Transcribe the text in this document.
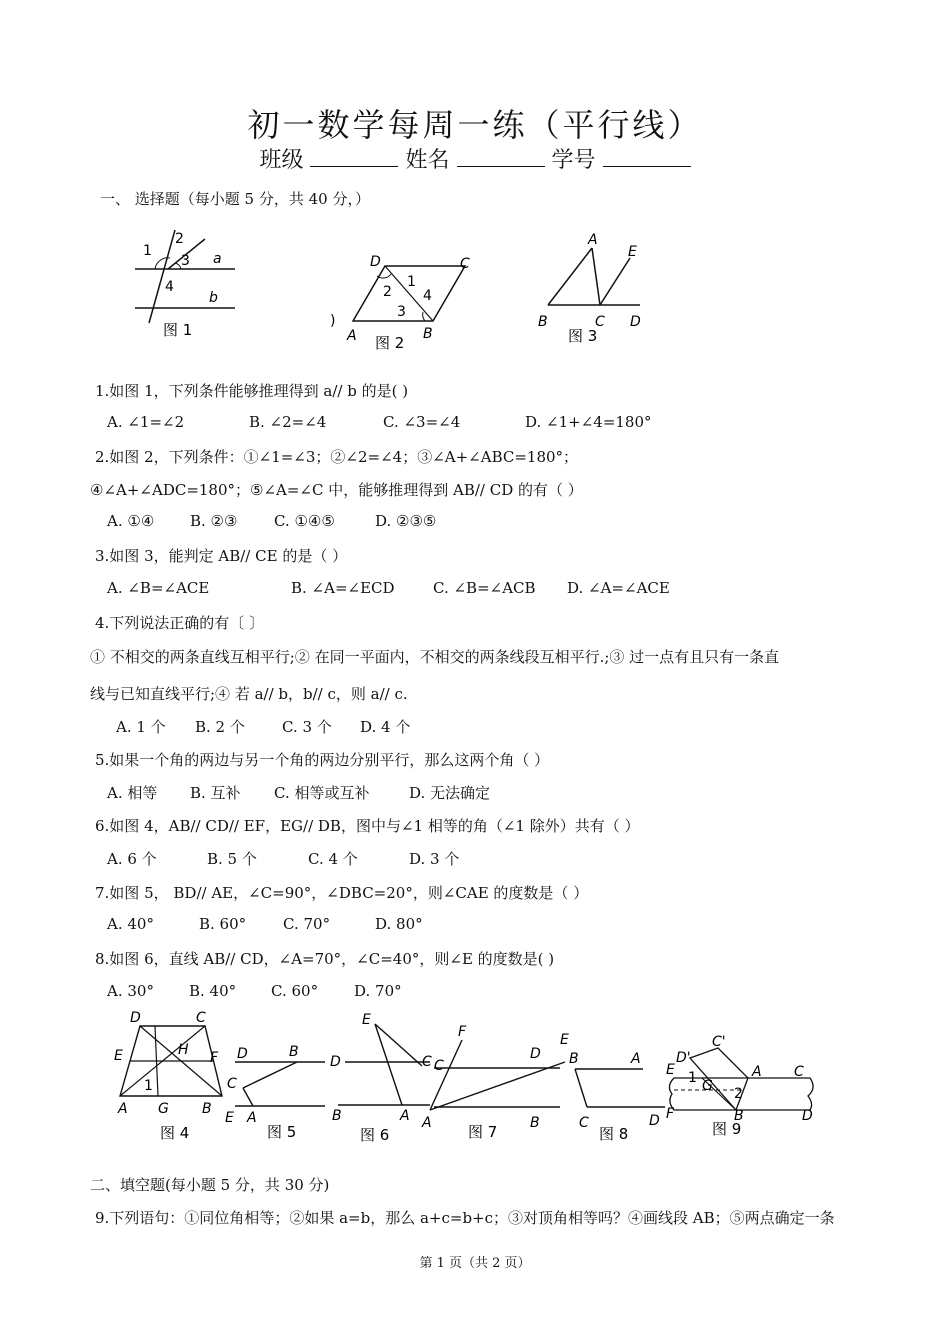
初一数学每周一练（平行线）
班级	姓名	学号
一、 选择题（每小题 5 分，共 40 分，）
1
2
3 a
4
b
图 1
D	C
1
2 4
3
A	B
)
图 2
A
E
B	C D
图 3
1.如图 1，下列条件能够推理得到 a// b 的是( )
A. ∠1=∠2	B. ∠2=∠4	C. ∠3=∠4	D. ∠1+∠4=180°
2.如图 2，下列条件：①∠1=∠3；②∠2=∠4；③∠A+∠ABC=180°；
④∠A+∠ADC=180°；⑤∠A=∠C 中，能够推理得到 AB// CD 的有（ ）
A. ①④ B. ②③ C. ①④⑤	D. ②③⑤
3.如图 3，能判定 AB// CE 的是（ ）
A. ∠B=∠ACE	B. ∠A=∠ECD	C. ∠B=∠ACB D. ∠A=∠ACE
4.下列说法正确的有〔 〕
① 不相交的两条直线互相平行;② 在同一平面内，不相交的两条线段互相平行.;③ 过一点有且只有一条直
线与已知直线平行;④ 若 a// b，b// c，则 a// c.
A. 1 个 B. 2 个 C. 3 个 D. 4 个
5.如果一个角的两边与另一个角的两边分别平行，那么这两个角（ ）
A. 相等 B. 互补 C. 相等或互补	D. 无法确定
6.如图 4，AB// CD// EF，EG// DB，图中与∠1 相等的角（∠1 除外）共有（ ）
A. 6 个	B. 5 个	C. 4 个	D. 3 个
7.如图 5， BD// AE，∠C=90°，∠DBC=20°，则∠CAE 的度数是（ ）
A. 40°	B. 60° C. 70°	D. 80°
8.如图 6，直线 AB// CD，∠A=70°，∠C=40°，则∠E 的度数是( )
A. 30° B. 40° C. 60° D. 70°
D	C
E	H F
1
A G B
图 4
D	B
C
E A
图 5
E
D	C
B	A
图 6
F	E
C
D
A	B
图 7
B	A
C	D
图 8
C'
D'
E 1	A C
G 2
F	B	D
图 9
二、填空题(每小题 5 分，共 30 分)
9.下列语句：①同位角相等；②如果 a=b，那么 a+c=b+c；③对顶角相等吗？④画线段 AB；⑤两点确定一条
第 1 页（共 2 页）
